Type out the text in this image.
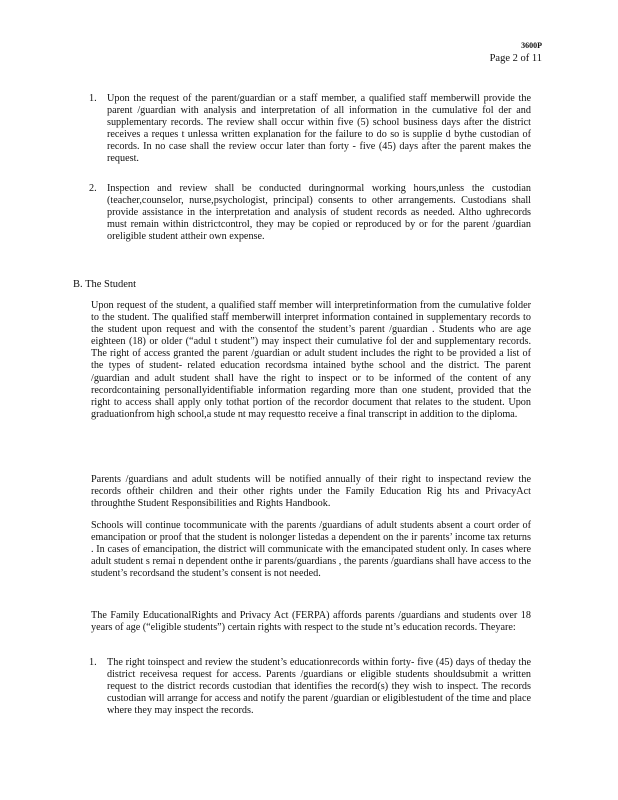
3600P
Page 2 of 11
1. Upon the request of the parent/guardian or a staff member, a qualified staff memberwill provide the parent /guardian with analysis and interpretation of all information in the cumulative fol der and supplementary records. The review shall occur within five (5) school business days after the district receives a reques t unlessa written explanation for the failure to do so is supplie d bythe custodian of records. In no case shall the review occur later than forty - five (45) days after the parent makes the request.
2. Inspection and review shall be conducted duringnormal working hours,unless the custodian (teacher,counselor, nurse,psychologist, principal) consents to other arrangements. Custodians shall provide assistance in the interpretation and analysis of student records as needed. Altho ughrecords must remain within districtcontrol, they may be copied or reproduced by or for the parent /guardian oreligible student attheir own expense.
B. The Student
Upon request of the student, a qualified staff member will interpretinformation from the cumulative folder to the student. The qualified staff memberwill interpret information contained in supplementary records to the student upon request and with the consentof the student’s parent /guardian . Students who are age eighteen (18) or older (“adul t student”) may inspect their cumulative fol der and supplementary records. The right of access granted the parent /guardian or adult student includes the right to be provided a list of the types of student- related education recordsma intained bythe school and the district. The parent /guardian and adult student shall have the right to inspect or to be informed of the content of any recordcontaining personallyidentifiable information regarding more than one student, provided that the right to access shall apply only tothat portion of the recordor document that relates to the student. Upon graduationfrom high school,a stude nt may requestto receive a final transcript in addition to the diploma.
Parents /guardians and adult students will be notified annually of their right to inspectand review the records oftheir children and their other rights under the Family Education Rig hts and PrivacyAct throughthe Student Responsibilities and Rights Handbook.
Schools will continue tocommunicate with the parents /guardians of adult students absent a court order of emancipation or proof that the student is nolonger listedas a dependent on the ir parents’ income tax returns . In cases of emancipation, the district will communicate with the emancipated student only. In cases where adult student s remai n dependent onthe ir parents/guardians , the parents /guardians shall have access to the student’s recordsand the student’s consent is not needed.
The Family EducationalRights and Privacy Act (FERPA) affords parents /guardians and students over 18 years of age (“eligible students”) certain rights with respect to the stude nt’s education records. Theyare:
1. The right toinspect and review the student’s educationrecords within forty- five (45) days of theday the district receivesa request for access. Parents /guardians or eligible students shouldsubmit a written request to the district records custodian that identifies the record(s) they wish to inspect. The records custodian will arrange for access and notify the parent /guardian or eligiblestudent of the time and place where they may inspect the records.
